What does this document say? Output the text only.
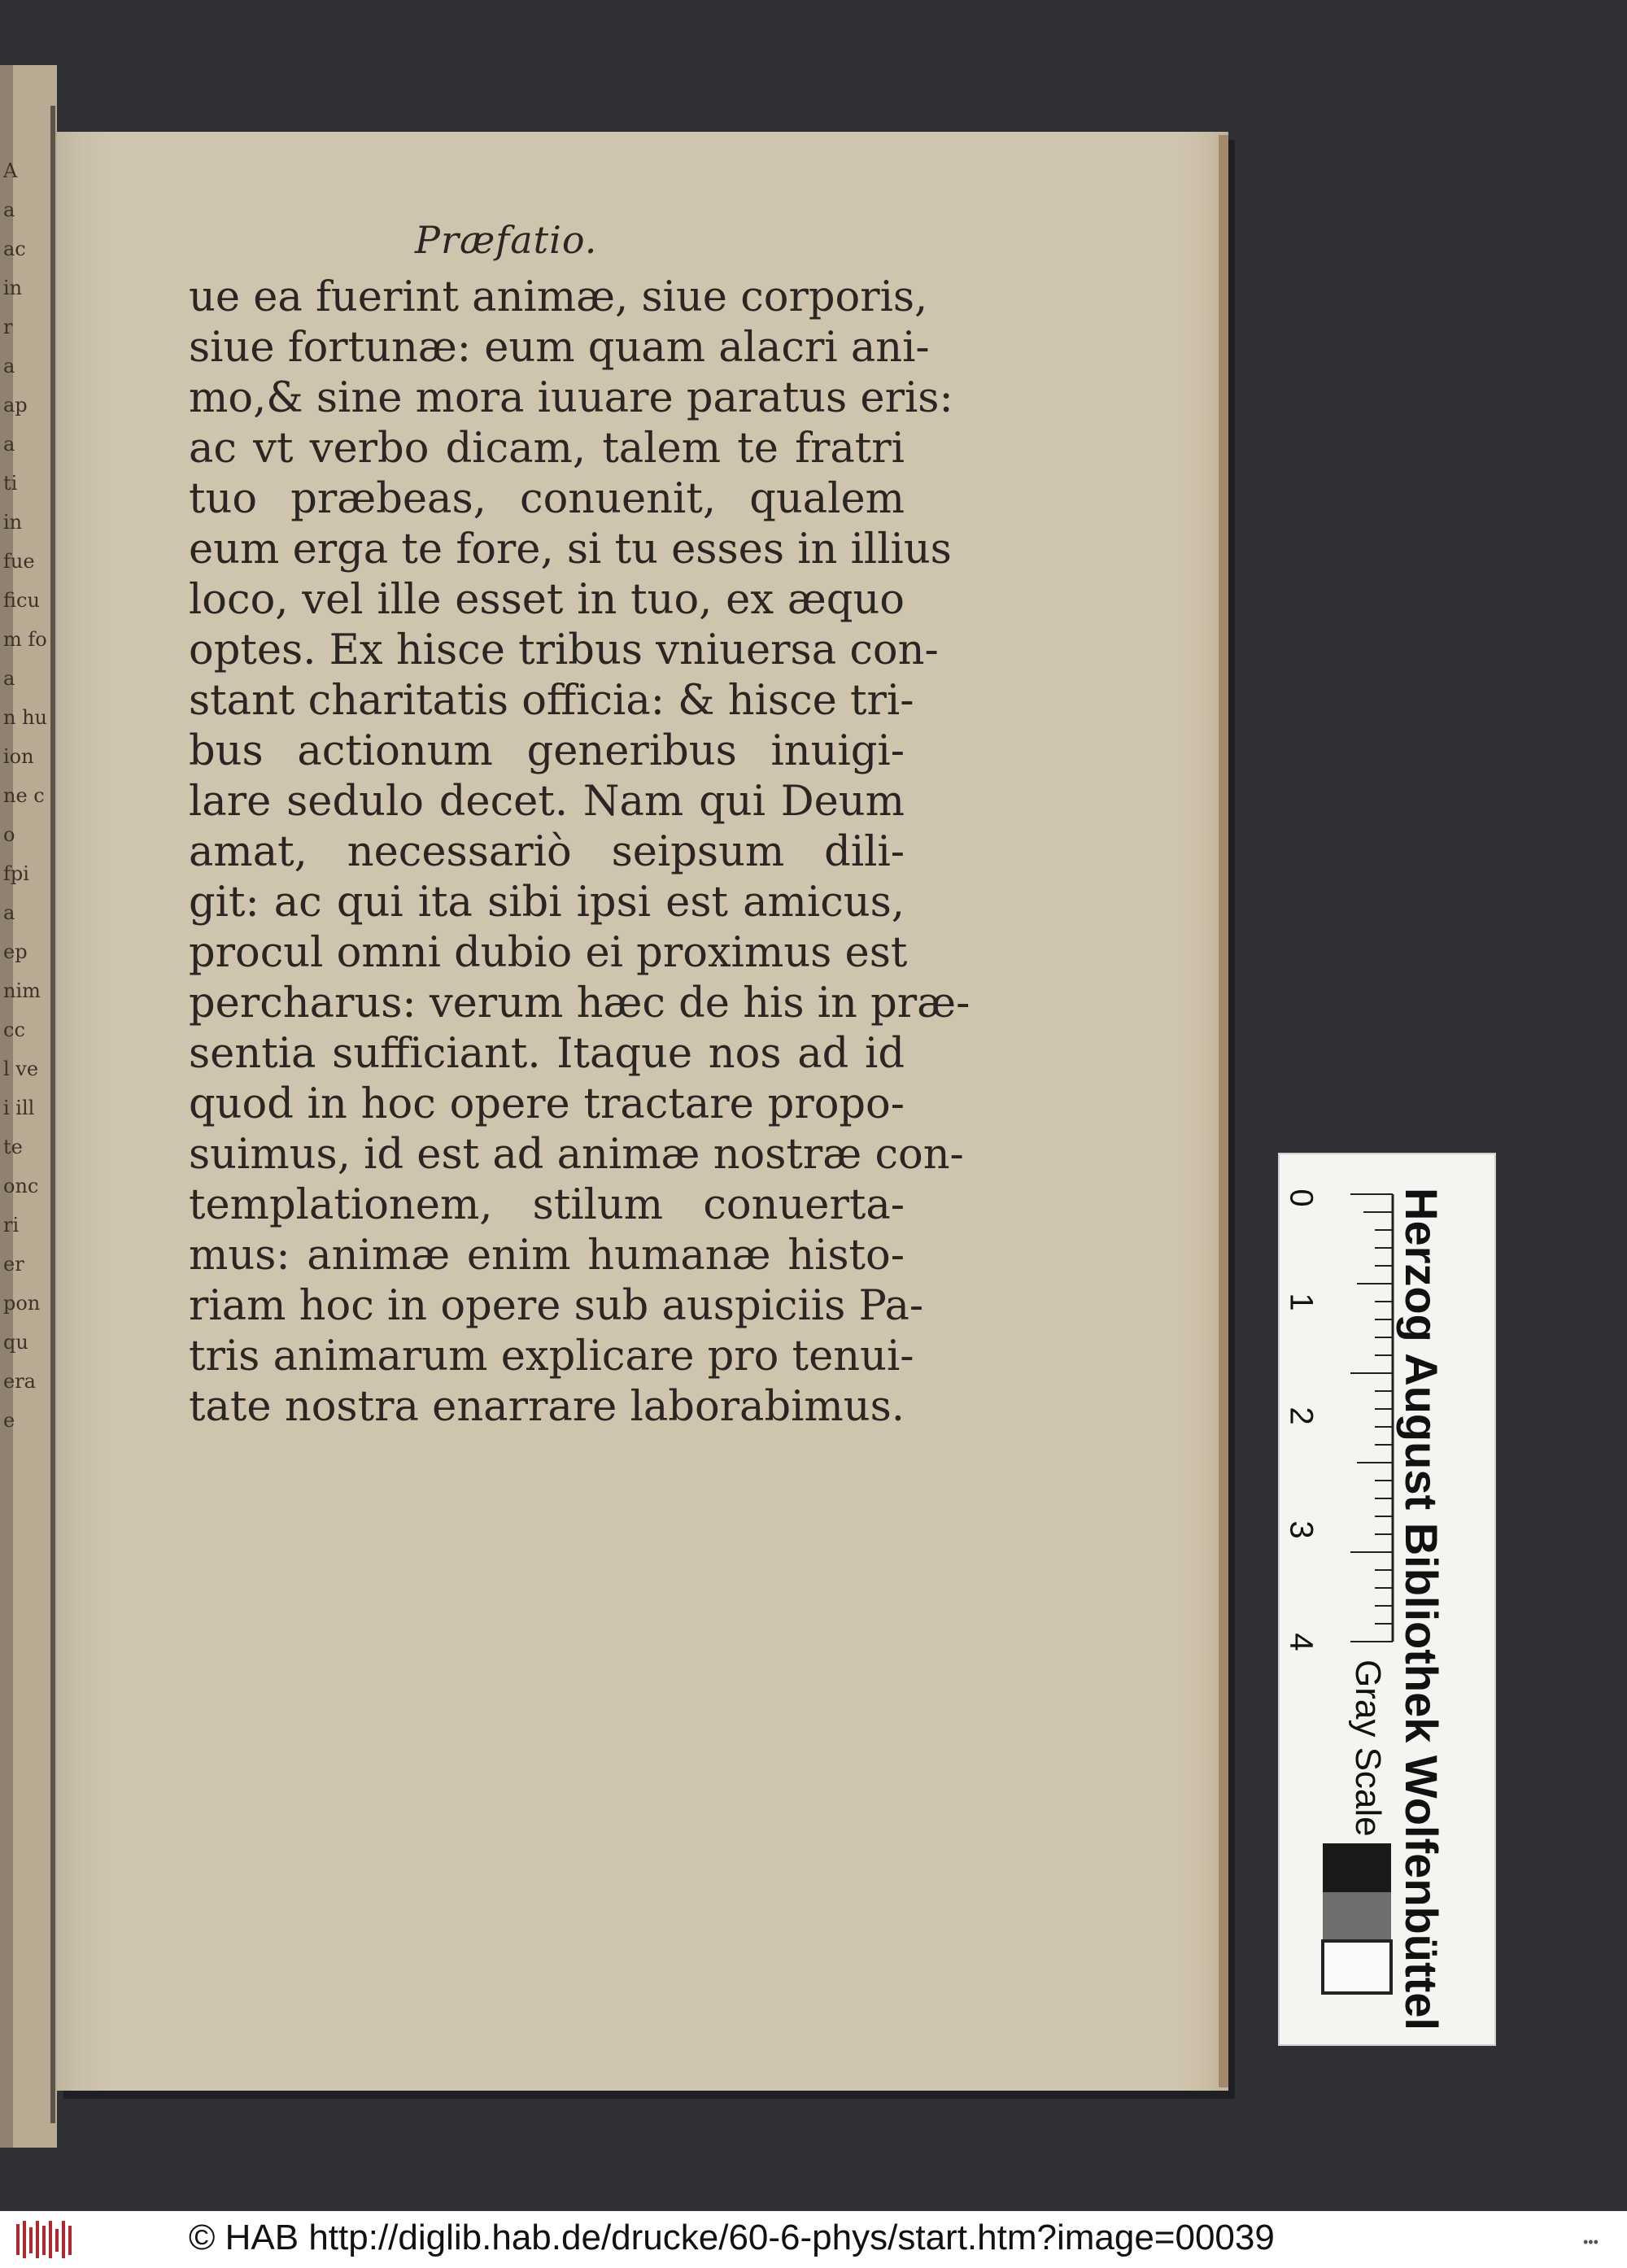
A
a
ac
in
r
a
ap
a
ti
in
fue
ficu
m fo
a
n hu
ion
ne c
o
fpi
a
ep
nim
cc
l ve
i ill
te
onc
ri
er
pon
qu
era
e
Præfatio.
ue ea fuerint animæ, siue corporis,
siue fortunæ: eum quam alacri ani-
mo,& sine mora iuuare paratus eris:
ac vt verbo dicam, talem te fratri
tuo præbeas, conuenit, qualem
eum erga te fore, si tu esses in illius
loco, vel ille esset in tuo, ex æquo
optes. Ex hisce tribus vniuersa con-
stant charitatis officia: & hisce tri-
bus actionum generibus inuigi-
lare sedulo decet. Nam qui Deum
amat, necessariò seipsum dili-
git: ac qui ita sibi ipsi est amicus,
procul omni dubio ei proximus est
percharus: verum hæc de his in præ-
sentia sufficiant. Itaque nos ad id
quod in hoc opere tractare propo-
suimus, id est ad animæ nostræ con-
templationem, stilum conuerta-
mus: animæ enim humanæ histo-
riam hoc in opere sub auspiciis Pa-
tris animarum explicare pro tenui-
tate nostra enarrare laborabimus.	Herzog August Bibliothek Wolfenbüttel
Gray Scale
0
1
2
3
4
© HAB http://diglib.hab.de/drucke/60-6-phys/start.htm?image=00039	•••
